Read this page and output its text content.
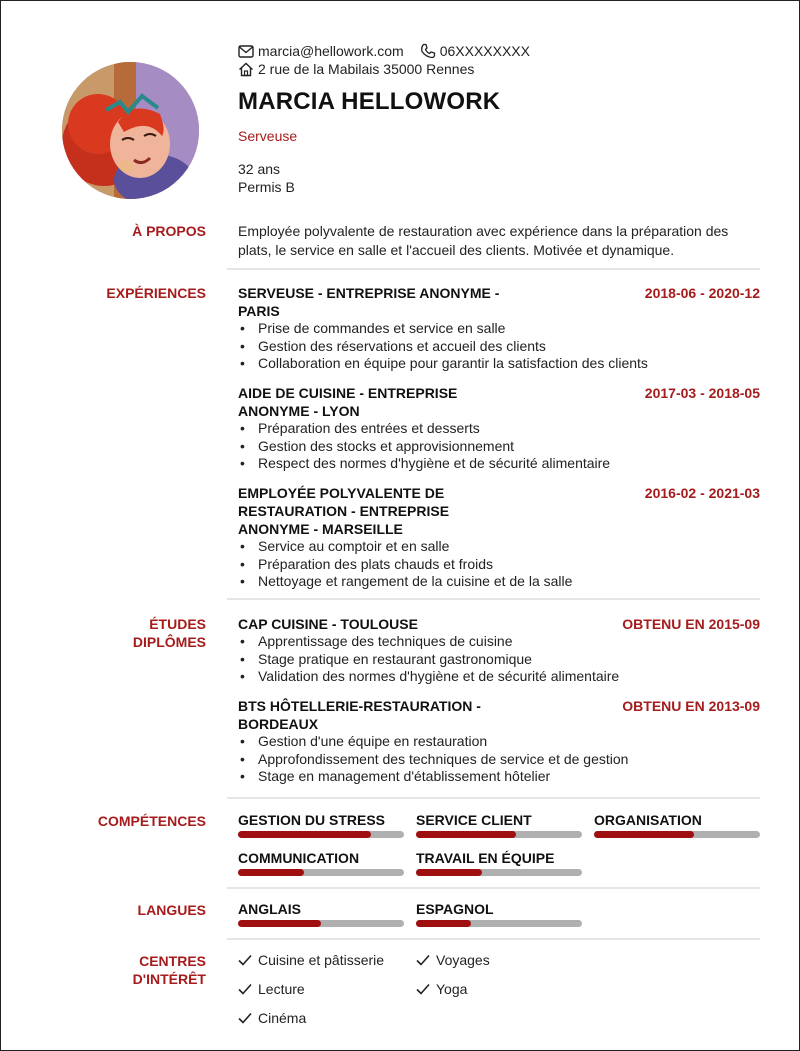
marcia@hellowork.com	06XXXXXXXX
2 rue de la Mabilais 35000 Rennes
MARCIA HELLOWORK
Serveuse
32 ans
Permis B
À PROPOS Employée polyvalente de restauration avec expérience dans la préparation des plats, le service en salle et l'accueil des clients. Motivée et dynamique.
EXPÉRIENCES SERVEUSE - ENTREPRISE ANONYME - PARIS
2018-06 - 2020-12
• Prise de commandes et service en salle
• Gestion des réservations et accueil des clients
• Collaboration en équipe pour garantir la satisfaction des clients
AIDE DE CUISINE - ENTREPRISE ANONYME - LYON
2017-03 - 2018-05
• Préparation des entrées et desserts
• Gestion des stocks et approvisionnement
• Respect des normes d'hygiène et de sécurité alimentaire
EMPLOYÉE POLYVALENTE DE RESTAURATION - ENTREPRISE ANONYME - MARSEILLE
2016-02 - 2021-03
• Service au comptoir et en salle
• Préparation des plats chauds et froids
• Nettoyage et rangement de la cuisine et de la salle
ÉTUDES
DIPLÔMES
CAP CUISINE - TOULOUSE	OBTENU EN 2015-09
• Apprentissage des techniques de cuisine
• Stage pratique en restaurant gastronomique
• Validation des normes d'hygiène et de sécurité alimentaire
BTS HÔTELLERIE-RESTAURATION - BORDEAUX
OBTENU EN 2013-09
• Gestion d'une équipe en restauration
• Approfondissement des techniques de service et de gestion
• Stage en management d'établissement hôtelier
COMPÉTENCES GESTION DU STRESS	SERVICE CLIENT	ORGANISATION
COMMUNICATION	TRAVAIL EN ÉQUIPE
LANGUES ANGLAIS	ESPAGNOL
CENTRES
D'INTÉRÊT
Cuisine et pâtisserie	Voyages
Lecture	Yoga
Cinéma
